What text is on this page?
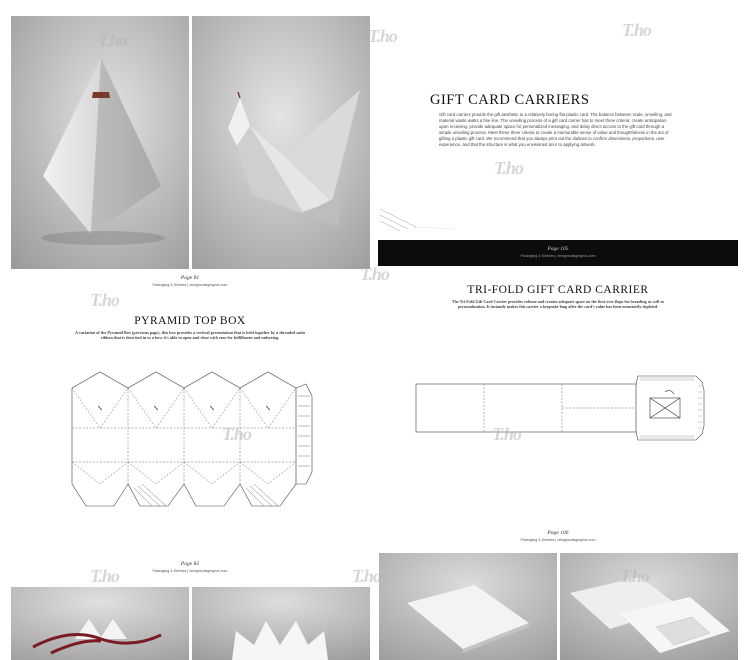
Page 81
Packaging & Dielines | designsofsignsplus.com
GIFT CARD CARRIERS
Gift card carriers provide the gift aesthetic to a relatively boring flat plastic card. The balance between scale, unveiling, and material waste walks a fine line. The unveiling process of a gift card carrier has to meet three criteria: create anticipation upon receiving, provide adequate space for personalized messaging, and delay direct access to the gift card through a simple unveiling process. Meet these three criteria to create a memorable sense of value and thoughtfulness in the act of gifting a plastic gift card. We recommend that you always print out the dielines to confirm dimensions, proportions, user experience, and that the structure is what you envisioned prior to applying artwork.
Page 105
Packaging & Dielines | designsofsignsplus.com
PYRAMID TOP BOX
A variation of the Pyramid Box (previous page), this box provides a vertical presentation that is held together by a threaded satin ribbon that is then tied in to a bow it's able to open and close with ease for fulfillment and unboxing.
Page 82
Packaging & Dielines | designsofsignsplus.com
TRI-FOLD GIFT CARD CARRIER
The Tri-Fold Gift Card Carrier provides volume and creates adequate space on the first-ever flaps for branding as well as personalization. It instantly makes this carrier a keepsake long after the card's value has been monetarily depleted.
Page 106
Packaging & Dielines | designsofsignsplus.com
T.ho	T.ho	T.ho
T.ho
T.ho
T.ho
T.ho	T.ho
T.ho	T.ho	T.ho
